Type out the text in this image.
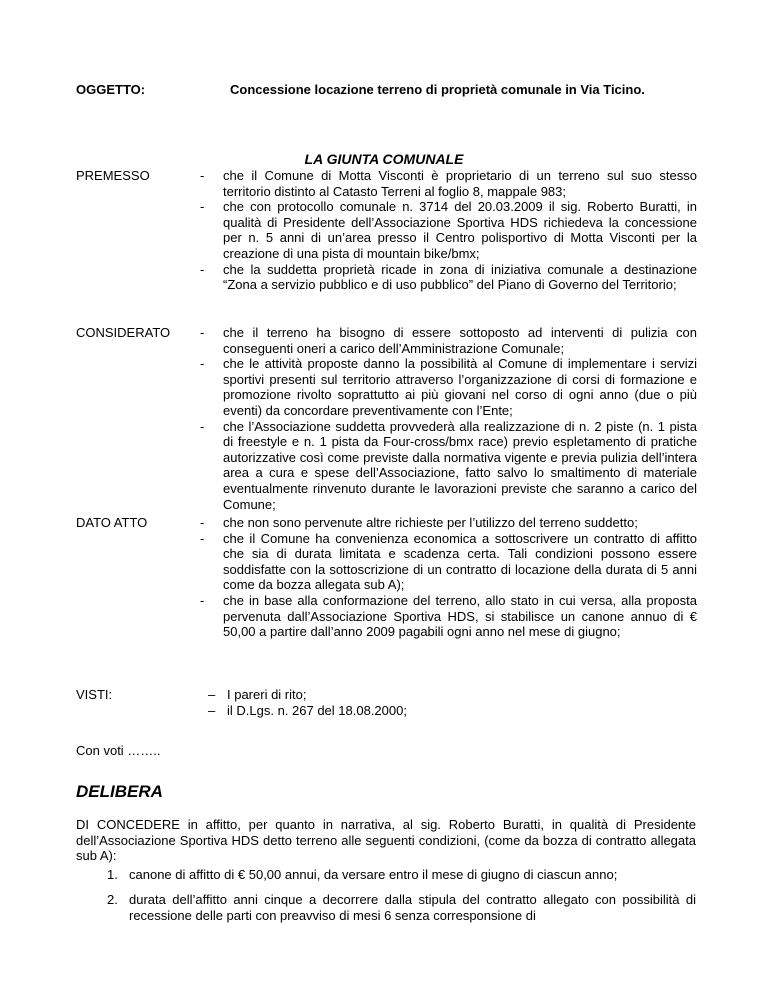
OGGETTO:	Concessione locazione terreno di proprietà comunale in Via Ticino.
LA GIUNTA COMUNALE
PREMESSO	- che il Comune di Motta Visconti è proprietario di un terreno sul suo stesso territorio distinto al Catasto Terreni al foglio 8, mappale 983;
- che con protocollo comunale n. 3714 del 20.03.2009 il sig. Roberto Buratti, in qualità di Presidente dell’Associazione Sportiva HDS richiedeva la concessione per n. 5 anni di un’area presso il Centro polisportivo di Motta Visconti per la creazione di una pista di mountain bike/bmx;
- che la suddetta proprietà ricade in zona di iniziativa comunale a destinazione “Zona a servizio pubblico e di uso pubblico” del Piano di Governo del Territorio;
CONSIDERATO - che il terreno ha bisogno di essere sottoposto ad interventi di pulizia con conseguenti oneri a carico dell’Amministrazione Comunale;
- che le attività proposte danno la possibilità al Comune di implementare i servizi sportivi presenti sul territorio attraverso l’organizzazione di corsi di formazione e promozione rivolto soprattutto ai più giovani nel corso di ogni anno (due o più eventi) da concordare preventivamente con l’Ente;
- che l’Associazione suddetta provvederà alla realizzazione di n. 2 piste (n. 1 pista di freestyle e n. 1 pista da Four-cross/bmx race) previo espletamento di pratiche autorizzative così come previste dalla normativa vigente e previa pulizia dell’intera area a cura e spese dell’Associazione, fatto salvo lo smaltimento di materiale eventualmente rinvenuto durante le lavorazioni previste che saranno a carico del Comune;
DATO ATTO	- che non sono pervenute altre richieste per l’utilizzo del terreno suddetto;
- che il Comune ha convenienza economica a sottoscrivere un contratto di affitto che sia di durata limitata e scadenza certa. Tali condizioni possono essere soddisfatte con la sottoscrizione di un contratto di locazione della durata di 5 anni come da bozza allegata sub A);
- che in base alla conformazione del terreno, allo stato in cui versa, alla proposta pervenuta dall’Associazione Sportiva HDS, si stabilisce un canone annuo di € 50,00 a partire dall’anno 2009 pagabili ogni anno nel mese di giugno;
VISTI:	– I pareri di rito;
– il D.Lgs. n. 267 del 18.08.2000;
Con voti ……..
DELIBERA
DI CONCEDERE in affitto, per quanto in narrativa, al sig. Roberto Buratti, in qualità di Presidente dell’Associazione Sportiva HDS detto terreno alle seguenti condizioni, (come da bozza di contratto allegata sub A):
1. canone di affitto di € 50,00 annui, da versare entro il mese di giugno di ciascun anno;
2. durata dell’affitto anni cinque a decorrere dalla stipula del contratto allegato con possibilità di recessione delle parti con preavviso di mesi 6 senza corresponsione di
